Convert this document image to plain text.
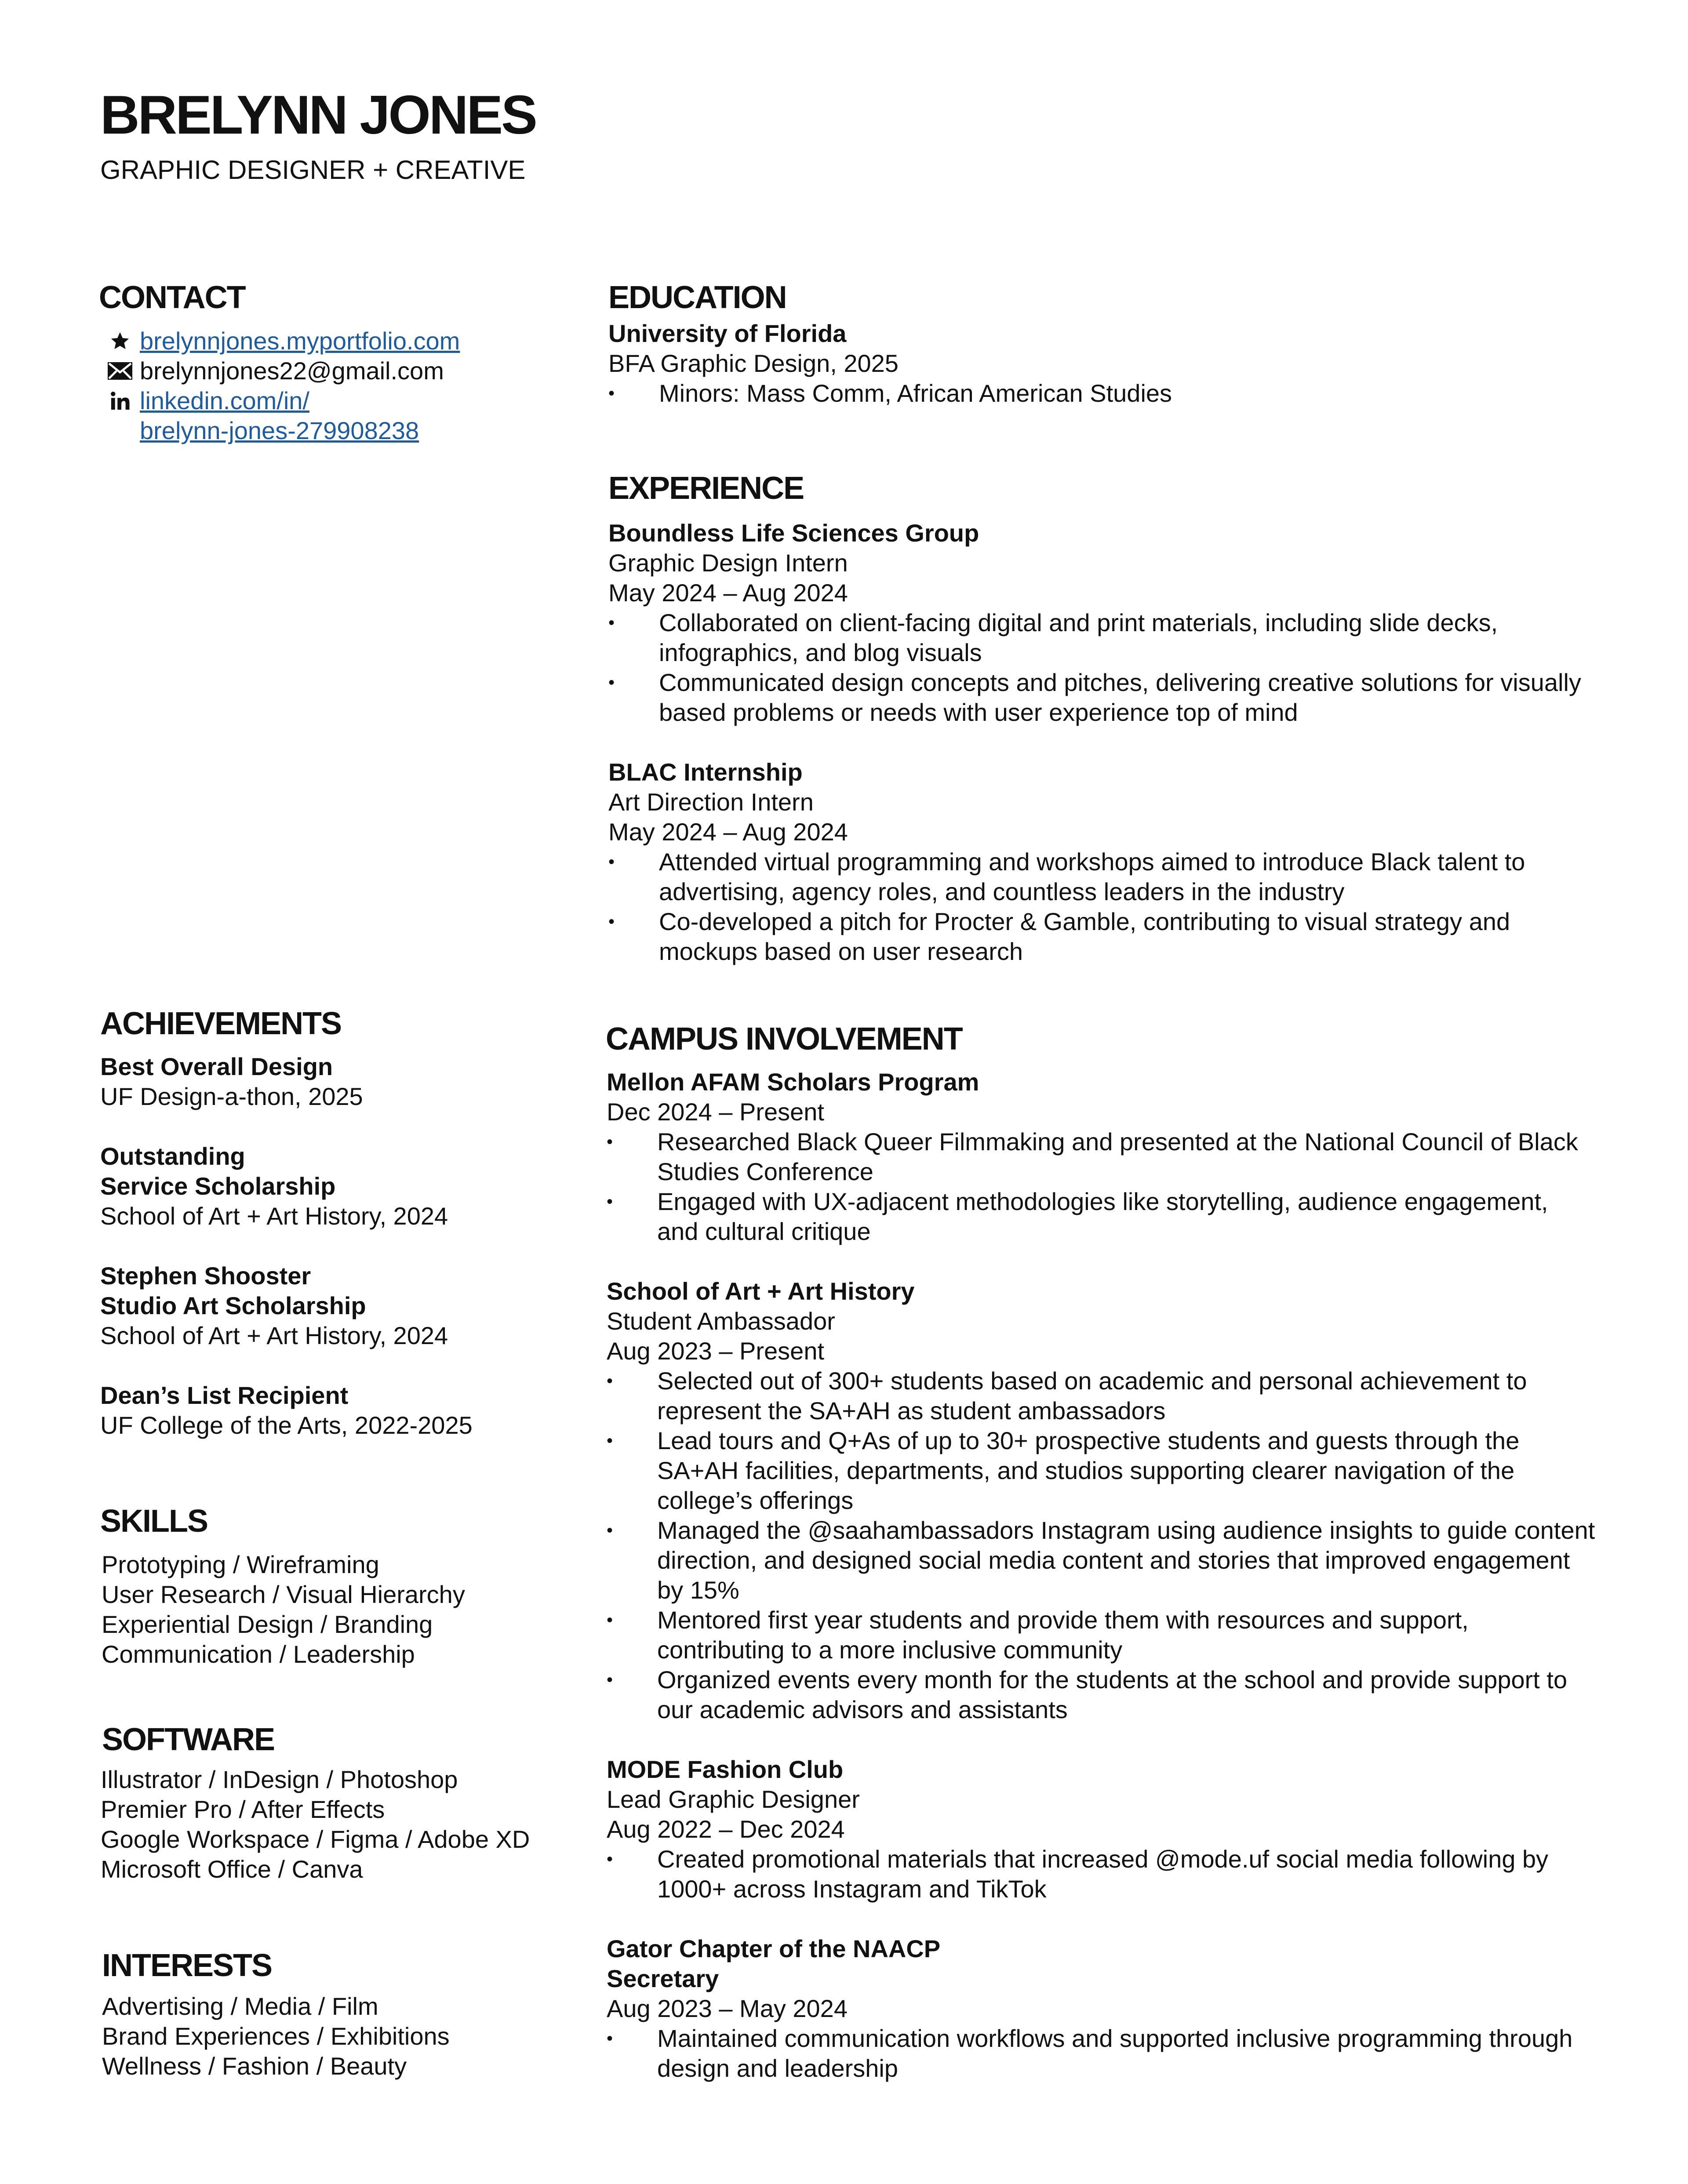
BRELYNN JONES

GRAPHIC DESIGNER + CREATIVE

CONTACT
brelynnjones.myportfolio.com
brelynnjones22@gmail.com
linkedin.com/in/
brelynn-jones-279908238
ACHIEVEMENTS

Best Overall Design

UF Design-a-thon, 2025

Outstanding

Service Scholarship

School of Art + Art History, 2024

Stephen Shooster

Studio Art Scholarship

School of Art + Art History, 2024

Dean’s List Recipient

UF College of the Arts, 2022-2025

SKILLS

Prototyping / Wireframing

User Research / Visual Hierarchy

Experiential Design / Branding

Communication / Leadership

SOFTWARE

Illustrator / InDesign / Photoshop

Premier Pro / After Effects

Google Workspace / Figma / Adobe XD

Microsoft Office / Canva

INTERESTS

Advertising / Media / Film

Brand Experiences / Exhibitions

Wellness / Fashion / Beauty

EDUCATION

University of Florida

BFA Graphic Design, 2025

• Minors: Mass Comm, African American Studies
EXPERIENCE

Boundless Life Sciences Group

Graphic Design Intern

May 2024 – Aug 2024

• Collaborated on client-facing digital and print materials, including slide decks, infographics, and blog visuals
• Communicated design concepts and pitches, delivering creative solutions for visually based problems or needs with user experience top of mind

BLAC Internship

Art Direction Intern

May 2024 – Aug 2024

• Attended virtual programming and workshops aimed to introduce Black talent to advertising, agency roles, and countless leaders in the industry
• Co-developed a pitch for Procter & Gamble, contributing to visual strategy and mockups based on user research
CAMPUS INVOLVEMENT

Mellon AFAM Scholars Program

Dec 2024 – Present

• Researched Black Queer Filmmaking and presented at the National Council of Black Studies Conference
• Engaged with UX-adjacent methodologies like storytelling, audience engagement, and cultural critique

School of Art + Art History

Student Ambassador

Aug 2023 – Present

• Selected out of 300+ students based on academic and personal achievement to represent the SA+AH as student ambassadors
• Lead tours and Q+As of up to 30+ prospective students and guests through the SA+AH facilities, departments, and studios supporting clearer navigation of the college’s offerings
• Managed the @saahambassadors Instagram using audience insights to guide content direction, and designed social media content and stories that improved engagement by 15%
• Mentored first year students and provide them with resources and support, contributing to a more inclusive community
• Organized events every month for the students at the school and provide support to our academic advisors and assistants

MODE Fashion Club

Lead Graphic Designer

Aug 2022 – Dec 2024

• Created promotional materials that increased @mode.uf social media following by 1000+ across Instagram and TikTok

Gator Chapter of the NAACP

Secretary

Aug 2023 – May 2024

• Maintained communication workflows and supported inclusive programming through design and leadership
